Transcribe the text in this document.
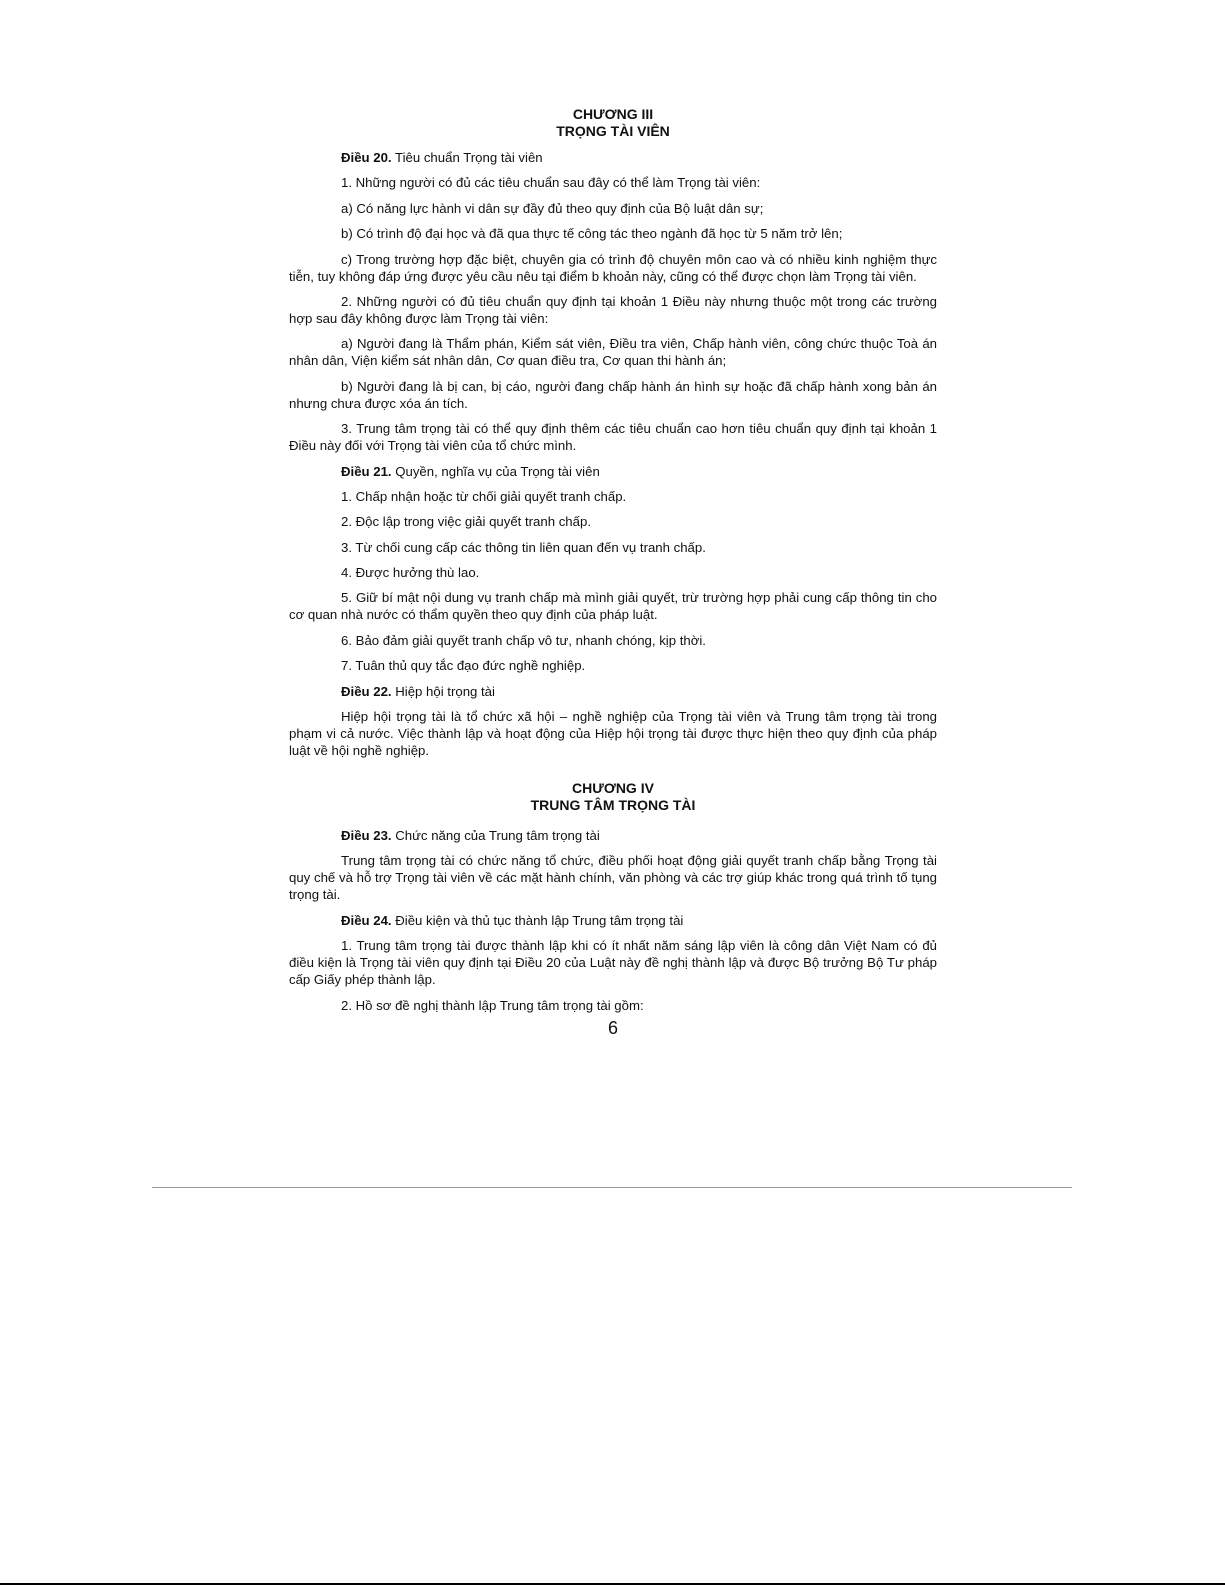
CHƯƠNG III
TRỌNG TÀI VIÊN

Điều 20. Tiêu chuẩn Trọng tài viên

1. Những người có đủ các tiêu chuẩn sau đây có thể làm Trọng tài viên:

a) Có năng lực hành vi dân sự đầy đủ theo quy định của Bộ luật dân sự;

b) Có trình độ đại học và đã qua thực tế công tác theo ngành đã học từ 5 năm trở lên;

c) Trong trường hợp đặc biệt, chuyên gia có trình độ chuyên môn cao và có nhiều kinh nghiệm thực tiễn, tuy không đáp ứng được yêu cầu nêu tại điểm b khoản này, cũng có thể được chọn làm Trọng tài viên.

2. Những người có đủ tiêu chuẩn quy định tại khoản 1 Điều này nhưng thuộc một trong các trường hợp sau đây không được làm Trọng tài viên:

a) Người đang là Thẩm phán, Kiểm sát viên, Điều tra viên, Chấp hành viên, công chức thuộc Toà án nhân dân, Viện kiểm sát nhân dân, Cơ quan điều tra, Cơ quan thi hành án;

b) Người đang là bị can, bị cáo, người đang chấp hành án hình sự hoặc đã chấp hành xong bản án nhưng chưa được xóa án tích.

3. Trung tâm trọng tài có thể quy định thêm các tiêu chuẩn cao hơn tiêu chuẩn quy định tại khoản 1 Điều này đối với Trọng tài viên của tổ chức mình.

Điều 21. Quyền, nghĩa vụ của Trọng tài viên

1. Chấp nhận hoặc từ chối giải quyết tranh chấp.

2. Độc lập trong việc giải quyết tranh chấp.

3. Từ chối cung cấp các thông tin liên quan đến vụ tranh chấp.

4. Được hưởng thù lao.

5. Giữ bí mật nội dung vụ tranh chấp mà mình giải quyết, trừ trường hợp phải cung cấp thông tin cho cơ quan nhà nước có thẩm quyền theo quy định của pháp luật.

6. Bảo đảm giải quyết tranh chấp vô tư, nhanh chóng, kịp thời.

7. Tuân thủ quy tắc đạo đức nghề nghiệp.

Điều 22. Hiệp hội trọng tài

Hiệp hội trọng tài là tổ chức xã hội – nghề nghiệp của Trọng tài viên và Trung tâm trọng tài trong phạm vi cả nước. Việc thành lập và hoạt động của Hiệp hội trọng tài được thực hiện theo quy định của pháp luật về hội nghề nghiệp.

CHƯƠNG IV
TRUNG TÂM TRỌNG TÀI

Điều 23. Chức năng của Trung tâm trọng tài

Trung tâm trọng tài có chức năng tổ chức, điều phối hoạt động giải quyết tranh chấp bằng Trọng tài quy chế và hỗ trợ Trọng tài viên về các mặt hành chính, văn phòng và các trợ giúp khác trong quá trình tố tụng trọng tài.

Điều 24. Điều kiện và thủ tục thành lập Trung tâm trọng tài

1. Trung tâm trọng tài được thành lập khi có ít nhất năm sáng lập viên là công dân Việt Nam có đủ điều kiện là Trọng tài viên quy định tại Điều 20 của Luật này đề nghị thành lập và được Bộ trưởng Bộ Tư pháp cấp Giấy phép thành lập.

2. Hồ sơ đề nghị thành lập Trung tâm trọng tài gồm:

6
